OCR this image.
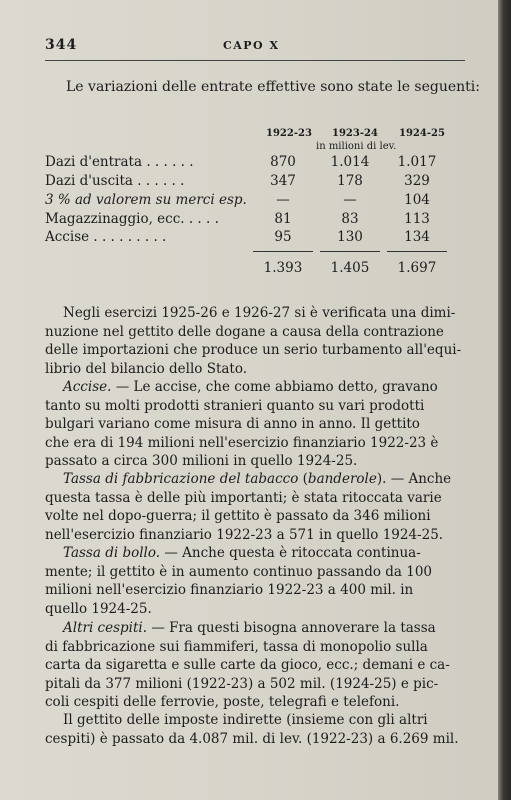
344	CAPO X
Le variazioni delle entrate effettive sono state le seguenti:
1922-23 1923-24 1924-25
in milioni di lev.
Dazi d'entrata . . . . . .	870	1.014	1.017
Dazi d'uscita . . . . . .	347	178	329
3 % ad valorem su merci esp.	—	—	104
Magazzinaggio, ecc. . . . .	81	83	113
Accise . . . . . . . . .	95	130	134
1.393	1.405	1.697
Negli esercizi 1925-26 e 1926-27 si è verificata una dimi-
nuzione nel gettito delle dogane a causa della contrazione
delle importazioni che produce un serio turbamento all'equi-
librio del bilancio dello Stato.
Accise. — Le accise, che come abbiamo detto, gravano
tanto su molti prodotti stranieri quanto su vari prodotti
bulgari variano come misura di anno in anno. Il gettito
che era di 194 milioni nell'esercizio finanziario 1922-23 è
passato a circa 300 milioni in quello 1924-25.
Tassa di fabbricazione del tabacco (banderole). — Anche
questa tassa è delle più importanti; è stata ritoccata varie
volte nel dopo-guerra; il gettito è passato da 346 milioni
nell'esercizio finanziario 1922-23 a 571 in quello 1924-25.
Tassa di bollo. — Anche questa è ritoccata continua-
mente; il gettito è in aumento continuo passando da 100
milioni nell'esercizio finanziario 1922-23 a 400 mil. in
quello 1924-25.
Altri cespiti. — Fra questi bisogna annoverare la tassa
di fabbricazione sui fiammiferi, tassa di monopolio sulla
carta da sigaretta e sulle carte da gioco, ecc.; demani e ca-
pitali da 377 milioni (1922-23) a 502 mil. (1924-25) e pic-
coli cespiti delle ferrovie, poste, telegrafi e telefoni.
Il gettito delle imposte indirette (insieme con gli altri
cespiti) è passato da 4.087 mil. di lev. (1922-23) a 6.269 mil.
